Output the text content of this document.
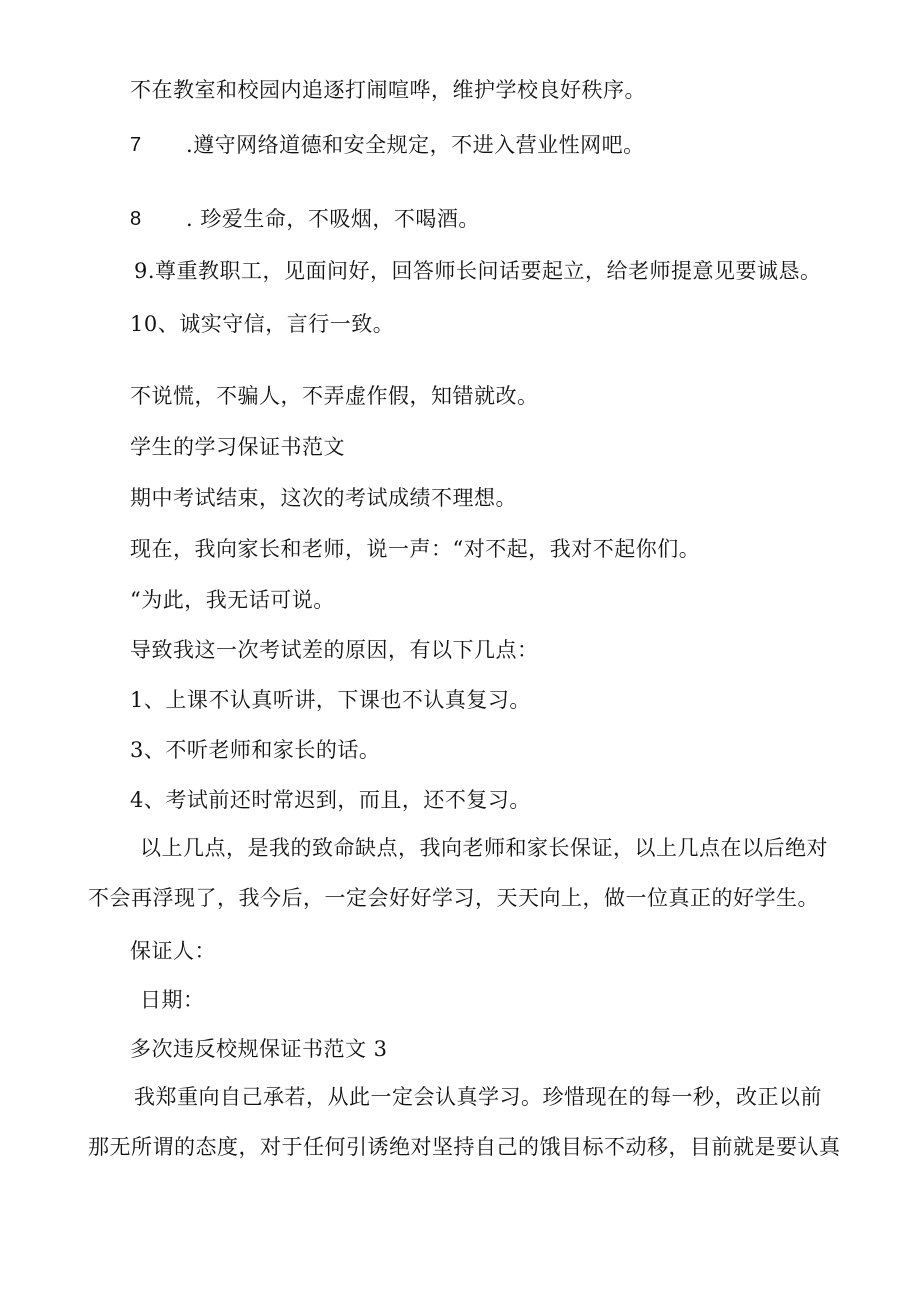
不在教室和校园内追逐打闹喧哗，维护学校良好秩序。
7 .遵守网络道德和安全规定，不进入营业性网吧。
8 . 珍爱生命，不吸烟，不喝酒。
9.尊重教职工，见面问好，回答师长问话要起立，给老师提意见要诚恳。
10、诚实守信，言行一致。
不说慌，不骗人，不弄虚作假，知错就改。
学生的学习保证书范文
期中考试结束，这次的考试成绩不理想。
现在，我向家长和老师，说一声：“对不起，我对不起你们。
“为此，我无话可说。
导致我这一次考试差的原因，有以下几点：
1、上课不认真听讲，下课也不认真复习。
3、不听老师和家长的话。
4、考试前还时常迟到，而且，还不复习。
以上几点，是我的致命缺点，我向老师和家长保证，以上几点在以后绝对
不会再浮现了，我今后，一定会好好学习，天天向上，做一位真正的好学生。
保证人：
日期：
多次违反校规保证书范文 3
我郑重向自己承若，从此一定会认真学习。珍惜现在的每一秒，改正以前
那无所谓的态度，对于任何引诱绝对坚持自己的饿目标不动移，目前就是要认真
